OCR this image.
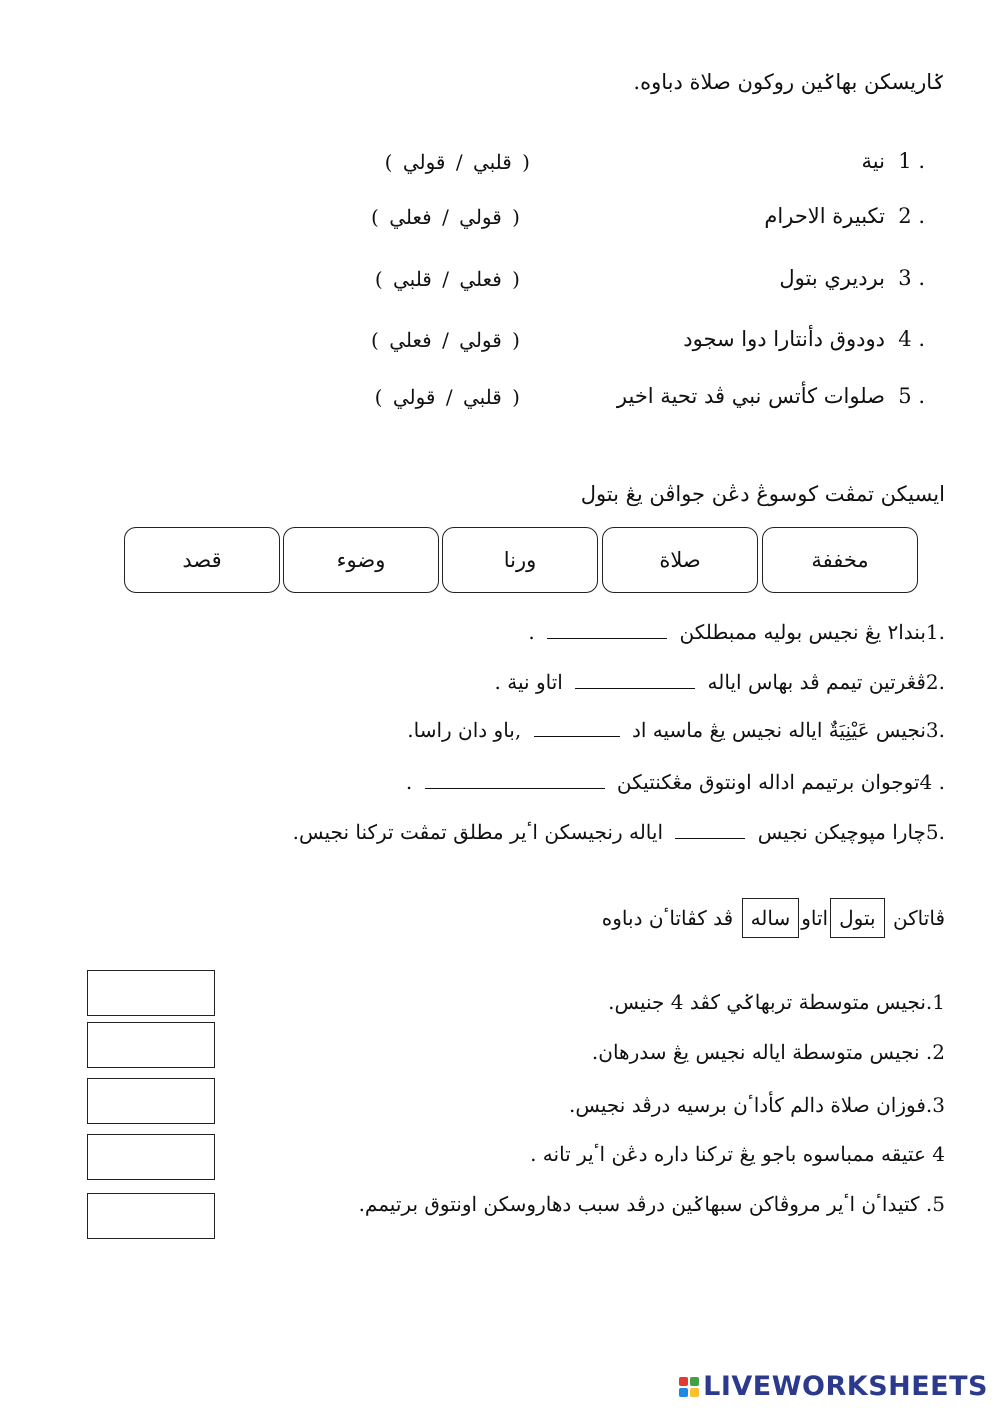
ݢاريسکن بهاݢين روکون صلاة دباوه.
. 1
نية
( قلبي / قولي )
. 2
تکبيرة الاحرام
( قولي / فعلي )
. 3
برديري بتول
( فعلي / قلبي )
. 4
دودوق دأنتارا دوا سجود
( قولي / فعلي )
. 5
صلوات کأتس نبي ڤد تحية اخير
( قلبي / قولي )
ايسيکن تمڤت کوسوڠ دڠن جواڤن يڠ بتول
مخففة
صلاة
ورنا
وضوء
قصد
.1بندا٢ يڠ نجيس بوليه ممبطلکن  .
.2ڤڠرتين تيمم ڤد بهاس اياله  اتاو نية .
.3نجيس عَيْنِيَةٌ اياله نجيس يڠ ماسيه اد  ,باو دان راسا.
. 4توجوان برتيمم اداله اونتوق مڠکنتيکن  .
.5چارا مپوچيکن نجيس  اياله رنجيسکن اٴير مطلق تمڤت ترکنا نجيس.
ڤاتاکن بتولاتاوساله ڤد کڤاتاٴن دباوه
1.نجيس متوسطة تربهاݢي کڤد 4 جنيس.
2. نجيس متوسطة اياله نجيس يڠ سدرهان.
3.فوزان صلاة دالم کأداٴن برسيه درڤد نجيس.
4 عتيقه ممباسوه باجو يڠ ترکنا داره دڠن اٴير تانه .
5. کتيداٴن اٴير مروڤاکن سبهاݢين درڤد سبب دهاروسکن اونتوق برتيمم.
LIVEWORKSHEETS
